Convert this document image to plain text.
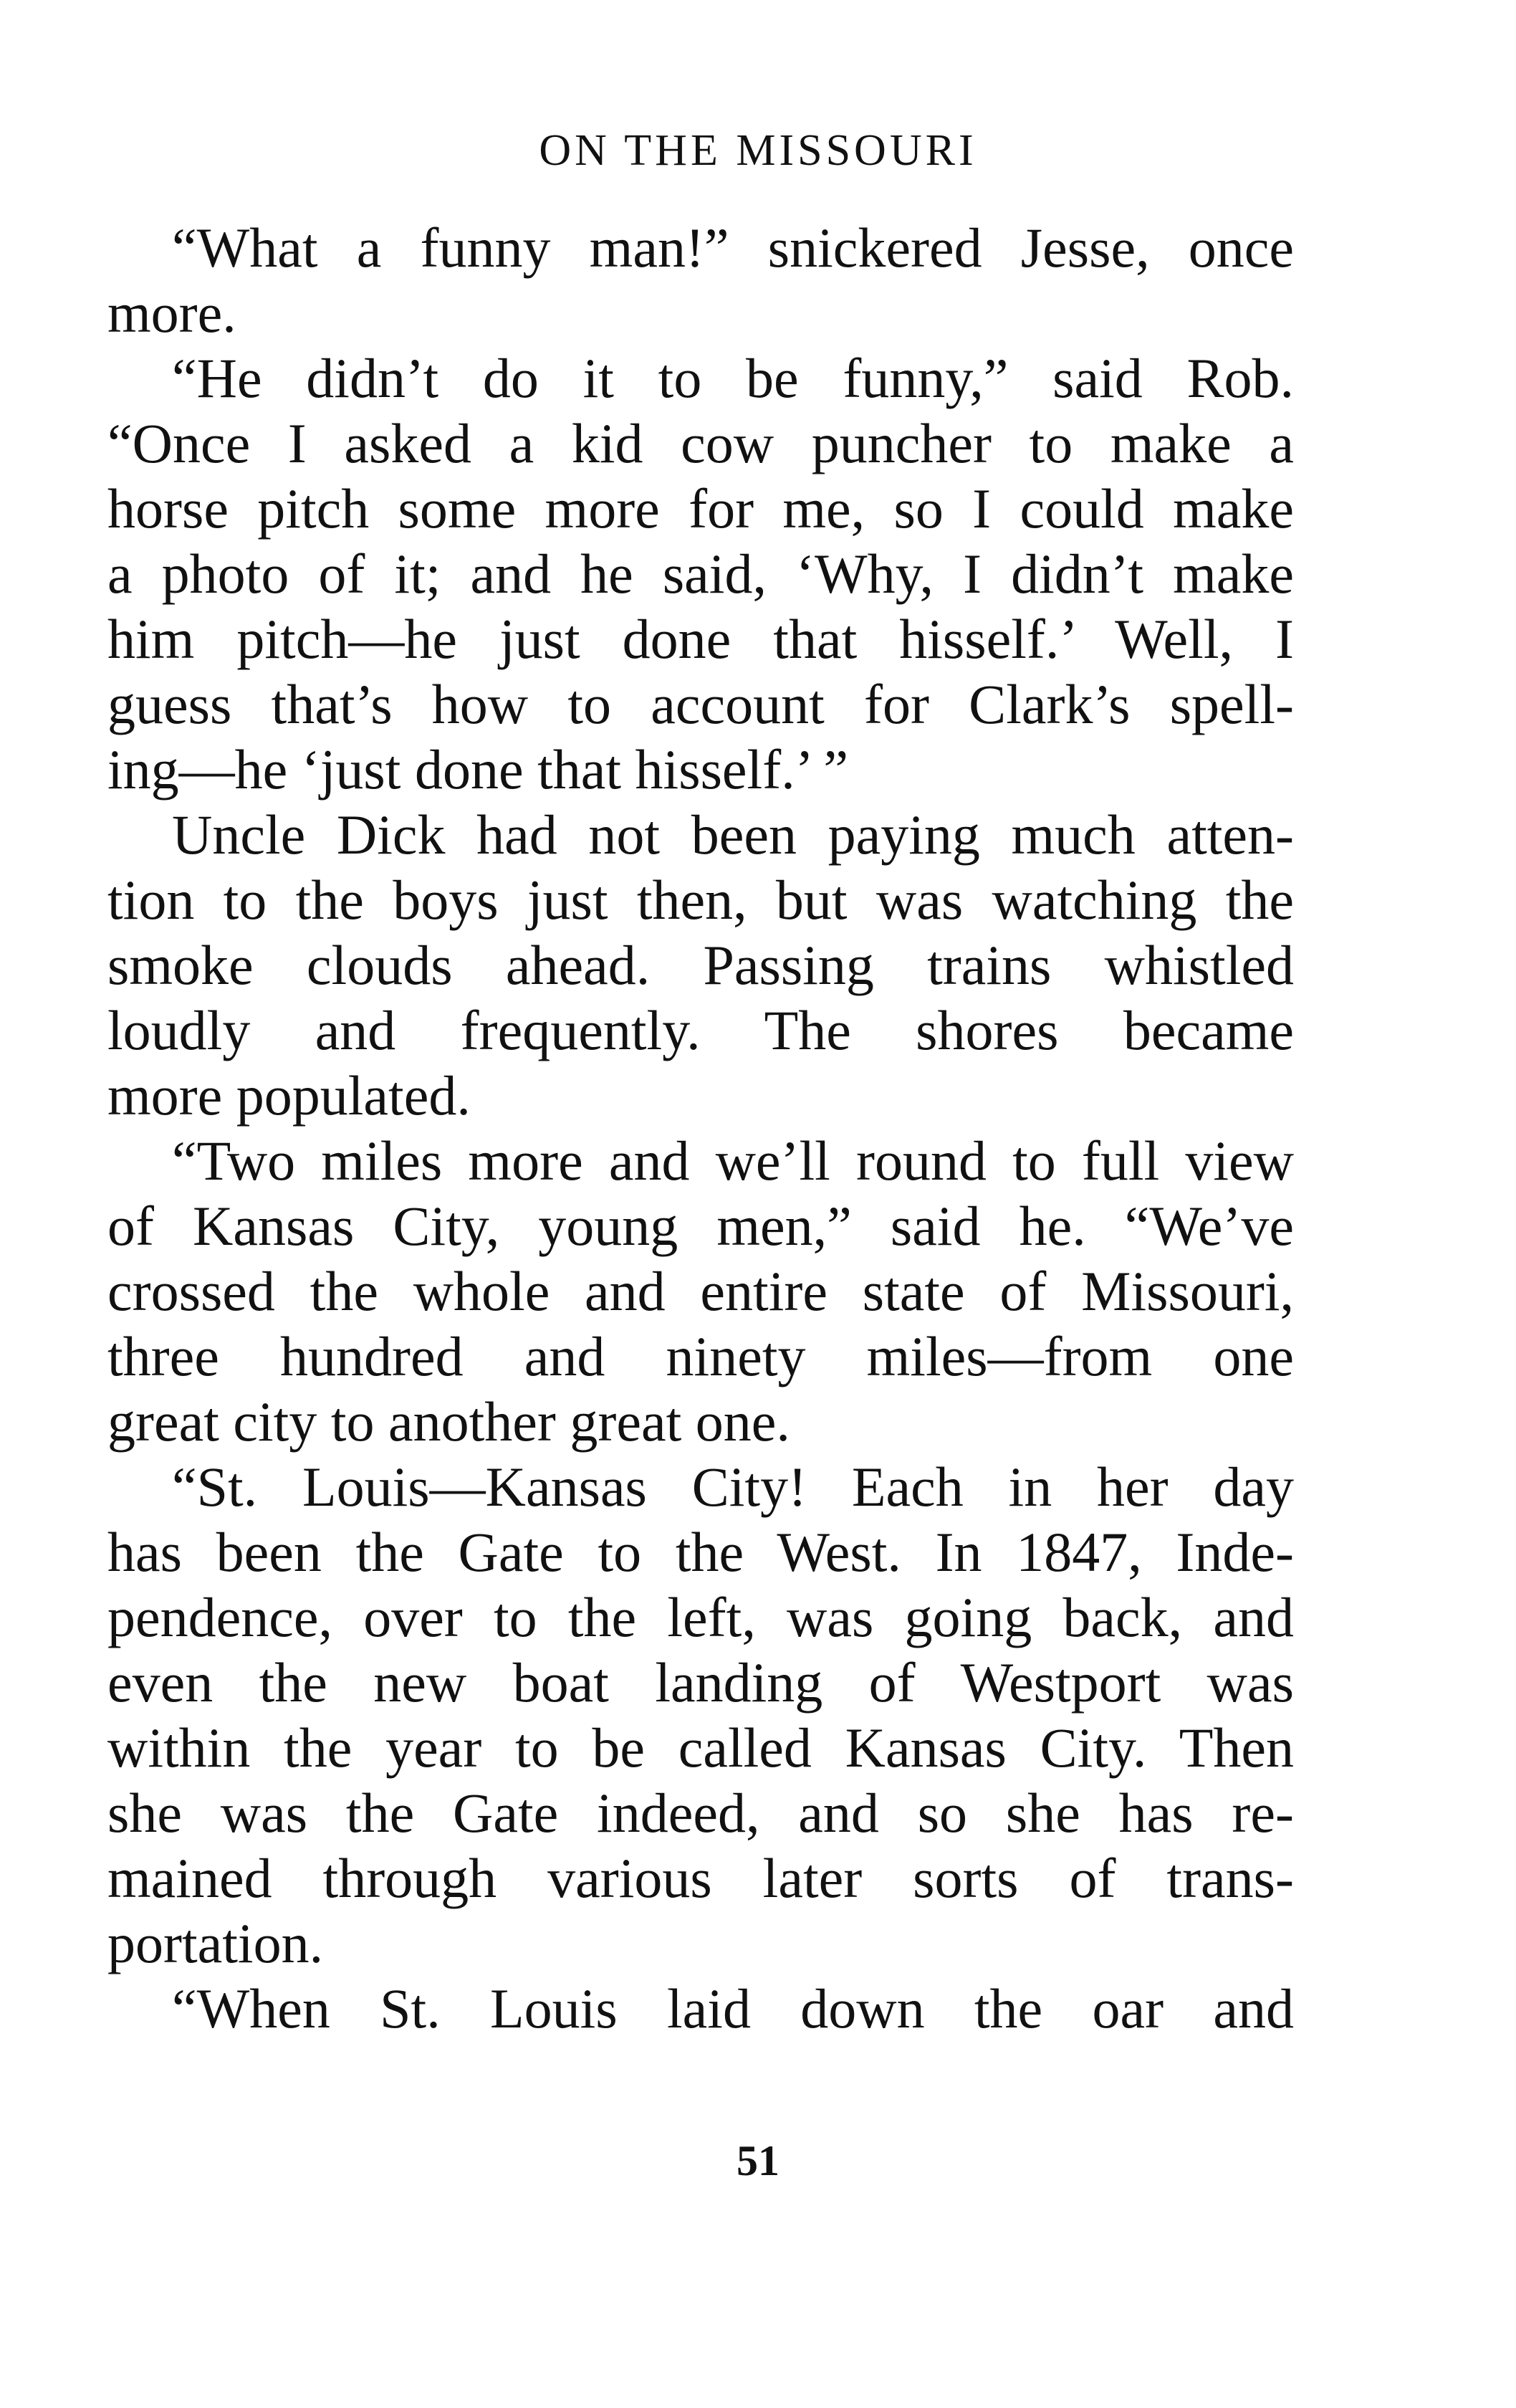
ON THE MISSOURI
“What a funny man!” snickered Jesse, once
more.
“He didn’t do it to be funny,” said Rob.
“Once I asked a kid cow puncher to make a
horse pitch some more for me, so I could make
a photo of it; and he said, ‘Why, I didn’t make
him pitch—he just done that hisself.’ Well, I
guess that’s how to account for Clark’s spell-
ing—he ‘just done that hisself.’ ”
Uncle Dick had not been paying much atten-
tion to the boys just then, but was watching the
smoke clouds ahead. Passing trains whistled
loudly and frequently. The shores became
more populated.
“Two miles more and we’ll round to full view
of Kansas City, young men,” said he. “We’ve
crossed the whole and entire state of Missouri,
three hundred and ninety miles—from one
great city to another great one.
“St. Louis—Kansas City! Each in her day
has been the Gate to the West. In 1847, Inde-
pendence, over to the left, was going back, and
even the new boat landing of Westport was
within the year to be called Kansas City. Then
she was the Gate indeed, and so she has re-
mained through various later sorts of trans-
portation.
“When St. Louis laid down the oar and
51
